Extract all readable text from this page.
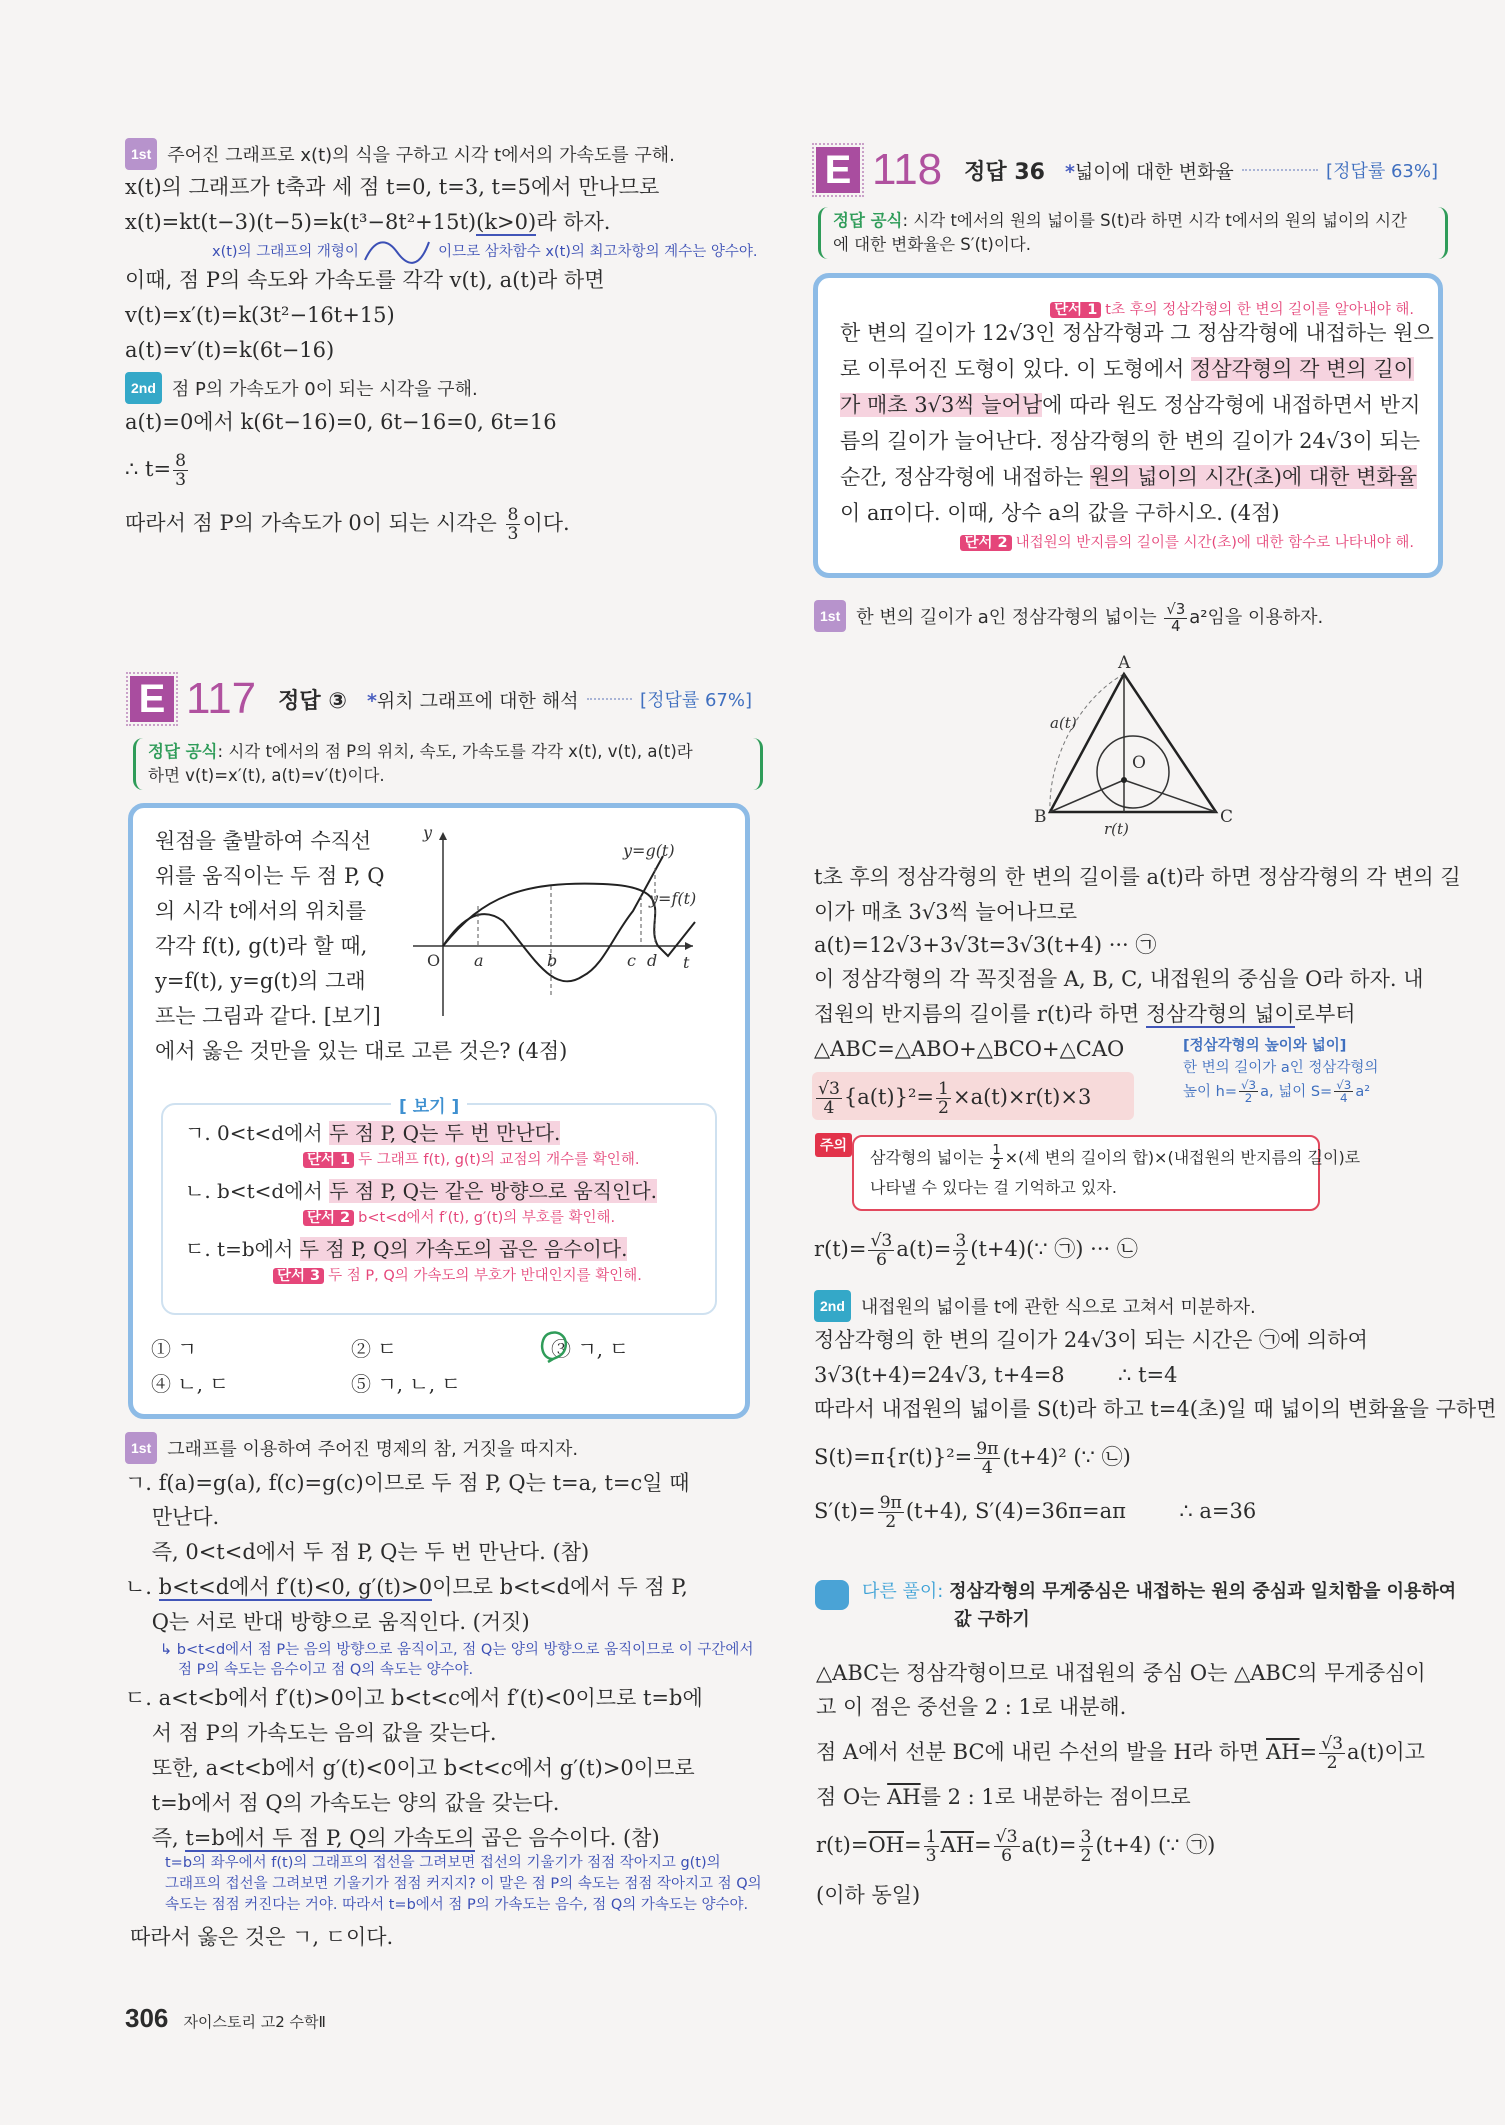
1st 주어진 그래프로 x(t)의 식을 구하고 시각 t에서의 가속도를 구해.
x(t)의 그래프가 t축과 세 점 t=0, t=3, t=5에서 만나므로
x(t)=kt(t−3)(t−5)=k(t³−8t²+15t)(k>0)라 하자.
x(t)의 그래프의 개형이	이므로 삼차함수 x(t)의 최고차항의 계수는 양수야.
이때, 점 P의 속도와 가속도를 각각 v(t), a(t)라 하면
v(t)=x′(t)=k(3t²−16t+15)
a(t)=v′(t)=k(6t−16)
2nd 점 P의 가속도가 0이 되는 시각을 구해.
a(t)=0에서 k(6t−16)=0, 6t−16=0, 6t=16
∴ $t= \frac{8}{3}$
따라서 점 P의 가속도가 0이 되는 시각은 $\frac{8}{3}$ 이다.
E 117 정답 ③ *위치 그래프에 대한 해석	[정답률 67%]
정답 공식: 시각 t에서의 점 P의 위치, 속도, 가속도를 각각 x(t), v(t), a(t)라
하면 v(t)=x′(t), a(t)=v′(t)이다.
원점을 출발하여 수직선
위를 움직이는 두 점 P, Q
의 시각 t에서의 위치를
각각 f(t), g(t)라 할 때,
y=f(t), y=g(t)의 그래
프는 그림과 같다. [보기]
에서 옳은 것만을 있는 대로 고른 것은? (4점)
y
O a	b	c d t
y=g(t)
y=f(t)
[ 보기 ]
ㄱ. 0<t<d에서 두 점 P, Q는 두 번 만난다.
단서 1 두 그래프 f(t), g(t)의 교점의 개수를 확인해.
ㄴ. b<t<d에서 두 점 P, Q는 같은 방향으로 움직인다.
단서 2 b<t<d에서 f′(t), g′(t)의 부호를 확인해.
ㄷ. t=b에서 두 점 P, Q의 가속도의 곱은 음수이다.
단서 3 두 점 P, Q의 가속도의 부호가 반대인지를 확인해.
① ㄱ	② ㄷ	③ ㄱ, ㄷ
④ ㄴ, ㄷ	⑤ ㄱ, ㄴ, ㄷ
1st 그래프를 이용하여 주어진 명제의 참, 거짓을 따지자.
ㄱ. f(a)=g(a), f(c)=g(c)이므로 두 점 P, Q는 t=a, t=c일 때
만난다.
즉, 0<t<d에서 두 점 P, Q는 두 번 만난다. (참)
ㄴ. b<t<d에서 f′(t)<0, g′(t)>0이므로 b<t<d에서 두 점 P,
Q는 서로 반대 방향으로 움직인다. (거짓)
↳ b<t<d에서 점 P는 음의 방향으로 움직이고, 점 Q는 양의 방향으로 움직이므로 이 구간에서
점 P의 속도는 음수이고 점 Q의 속도는 양수야.
ㄷ. a<t<b에서 f′(t)>0이고 b<t<c에서 f′(t)<0이므로 t=b에
서 점 P의 가속도는 음의 값을 갖는다.
또한, a<t<b에서 g′(t)<0이고 b<t<c에서 g′(t)>0이므로
t=b에서 점 Q의 가속도는 양의 값을 갖는다.
즉, t=b에서 두 점 P, Q의 가속도의 곱은 음수이다. (참)
t=b의 좌우에서 f(t)의 그래프의 접선을 그려보면 접선의 기울기가 점점 작아지고 g(t)의
그래프의 접선을 그려보면 기울기가 점점 커지지? 이 말은 점 P의 속도는 점점 작아지고 점 Q의
속도는 점점 커진다는 거야. 따라서 t=b에서 점 P의 가속도는 음수, 점 Q의 가속도는 양수야.
따라서 옳은 것은 ㄱ, ㄷ이다.
E 118 정답 36 *넓이에 대한 변화율	[정답률 63%]
정답 공식: 시각 t에서의 원의 넓이를 S(t)라 하면 시각 t에서의 원의 넓이의 시간
에 대한 변화율은 S′(t)이다.
단서 1 t초 후의 정삼각형의 한 변의 길이를 알아내야 해.
한 변의 길이가 12√3인 정삼각형과 그 정삼각형에 내접하는 원으
로 이루어진 도형이 있다. 이 도형에서 정삼각형의 각 변의 길이
가 매초 3√3씩 늘어남에 따라 원도 정삼각형에 내접하면서 반지
름의 길이가 늘어난다. 정삼각형의 한 변의 길이가 24√3이 되는
순간, 정삼각형에 내접하는 원의 넓이의 시간(초)에 대한 변화율
이 aπ이다. 이때, 상수 a의 값을 구하시오. (4점)
단서 2 내접원의 반지름의 길이를 시간(초)에 대한 함수로 나타내야 해.
1st 한 변의 길이가 a인 정삼각형의 넓이는 $\frac{√3}{4} a^2$임을 이용하자.
A
B	C
O
a(t)
r(t)
t초 후의 정삼각형의 한 변의 길이를 a(t)라 하면 정삼각형의 각 변의 길
이가 매초 3√3씩 늘어나므로
a(t)=12√3+3√3t=3√3(t+4) ··· ㉠
이 정삼각형의 각 꼭짓점을 A, B, C, 내접원의 중심을 O라 하자. 내
접원의 반지름의 길이를 r(t)라 하면 정삼각형의 넓이로부터
△ABC=△ABO+△BCO+△CAO
$\frac{√3}{4} \{a(t)\}^2= \frac{1}{2} \times a(t)\times r(t)\times 3$
[정삼각형의 높이와 넓이]
한 변의 길이가 a인 정삼각형의
높이 $h= \frac{√3}{2} a$, 넓이 $S= \frac{√3}{4} a^2$
삼각형의 넓이는 $\frac{1}{2}$ ×(세 변의 길이의 합)×(내접원의 반지름의 길이)로
나타낼 수 있다는 걸 기억하고 있자.
주의
$r(t)= \frac{√3}{6} a(t)= \frac{3}{2}$ (t+4)(∵ ㉠) ··· ㉡
2nd 내접원의 넓이를 t에 관한 식으로 고쳐서 미분하자.
정삼각형의 한 변의 길이가 24√3이 되는 시간은 ㉠에 의하여
3√3(t+4)=24√3, t+4=8        ∴ t=4
따라서 내접원의 넓이를 S(t)라 하고 t=4(초)일 때 넓이의 변화율을 구하면
$S(t)=\pi\{r(t)\}^2= \frac{9\pi}{4} (t+4)^2$ (∵ ㉡)
$S'(t)= \frac{9\pi}{2} (t+4)$, S′(4)=36π=aπ        ∴ a=36
다른 풀이: 정삼각형의 무게중심은 내접하는 원의 중심과 일치함을 이용하여
값 구하기
△ABC는 정삼각형이므로 내접원의 중심 O는 △ABC의 무게중심이
고 이 점은 중선을 2 : 1로 내분해.
점 A에서 선분 BC에 내린 수선의 발을 H라 하면 $\overline{AH}= \frac{√3}{2} a(t)$이고
점 O는 $\overline{AH}$를 2 : 1로 내분하는 점이므로
$r(t)=\overline{OH}= \frac{1}{3} \overline{AH}= \frac{√3}{6} a(t)= \frac{3}{2} (t+4)$ (∵ ㉠)
(이하 동일)
306 자이스토리 고2 수학Ⅱ
